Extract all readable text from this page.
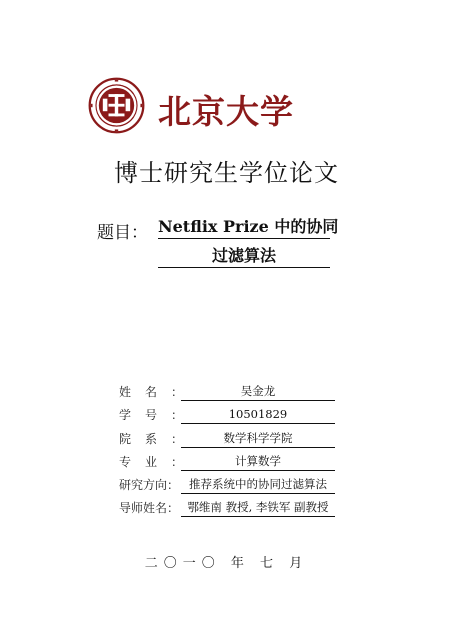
北京大学
博士研究生学位论文
题目： Netflix Prize 中的协同
过滤算法
姓名：	吴金龙
学号：	10501829
院系：	数学科学学院
专业：	计算数学
研究方向： 推荐系统中的协同过滤算法
导师姓名： 鄂维南 教授, 李铁军 副教授
二〇一〇 年 七 月
